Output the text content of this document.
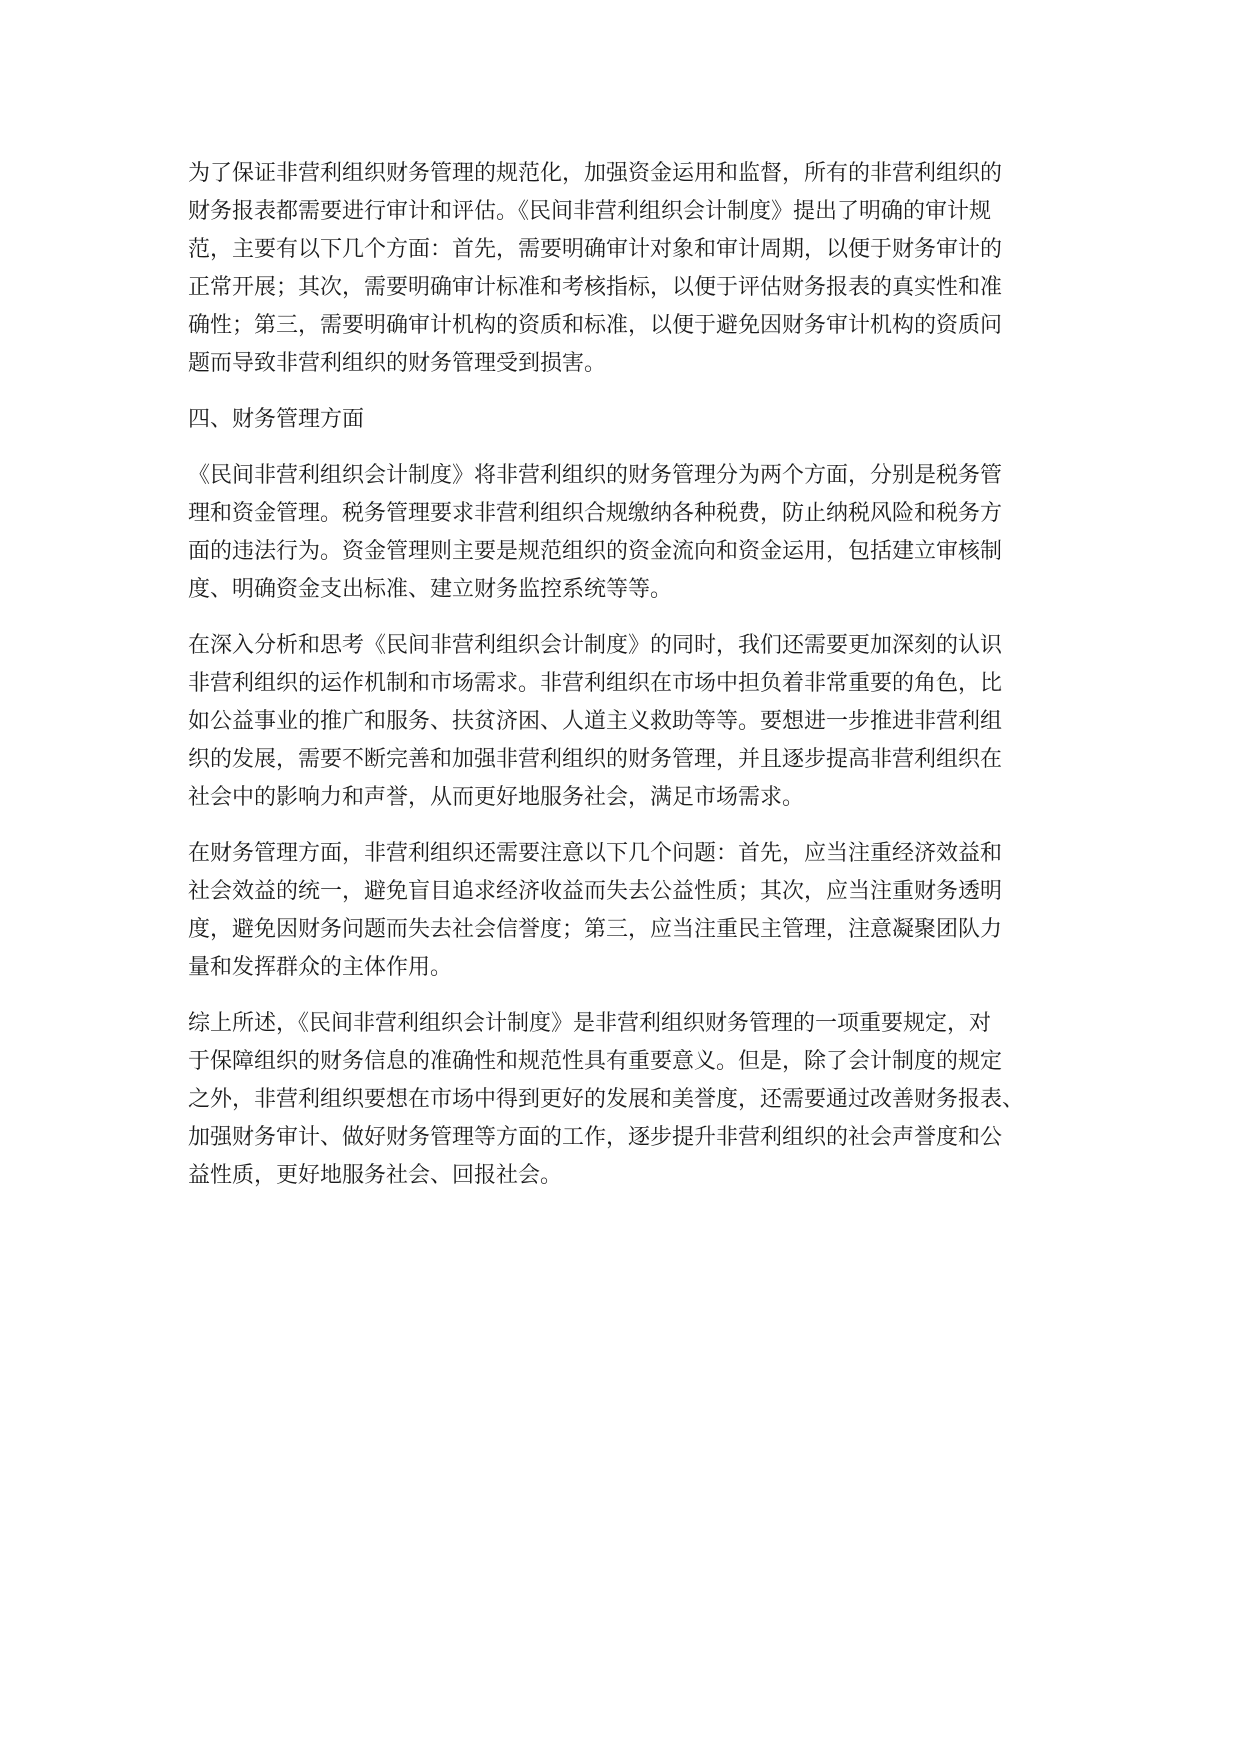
为了保证非营利组织财务管理的规范化，加强资金运用和监督，所有的非营利组织的
财务报表都需要进行审计和评估。《民间非营利组织会计制度》提出了明确的审计规
范，主要有以下几个方面：首先，需要明确审计对象和审计周期，以便于财务审计的
正常开展；其次，需要明确审计标准和考核指标，以便于评估财务报表的真实性和准
确性；第三，需要明确审计机构的资质和标准，以便于避免因财务审计机构的资质问
题而导致非营利组织的财务管理受到损害。

四、财务管理方面

《民间非营利组织会计制度》将非营利组织的财务管理分为两个方面，分别是税务管
理和资金管理。税务管理要求非营利组织合规缴纳各种税费，防止纳税风险和税务方
面的违法行为。资金管理则主要是规范组织的资金流向和资金运用，包括建立审核制
度、明确资金支出标准、建立财务监控系统等等。

在深入分析和思考《民间非营利组织会计制度》的同时，我们还需要更加深刻的认识
非营利组织的运作机制和市场需求。非营利组织在市场中担负着非常重要的角色，比
如公益事业的推广和服务、扶贫济困、人道主义救助等等。要想进一步推进非营利组
织的发展，需要不断完善和加强非营利组织的财务管理，并且逐步提高非营利组织在
社会中的影响力和声誉，从而更好地服务社会，满足市场需求。

在财务管理方面，非营利组织还需要注意以下几个问题：首先，应当注重经济效益和
社会效益的统一，避免盲目追求经济收益而失去公益性质；其次，应当注重财务透明
度，避免因财务问题而失去社会信誉度；第三，应当注重民主管理，注意凝聚团队力
量和发挥群众的主体作用。

综上所述，《民间非营利组织会计制度》是非营利组织财务管理的一项重要规定，对
于保障组织的财务信息的准确性和规范性具有重要意义。但是，除了会计制度的规定
之外，非营利组织要想在市场中得到更好的发展和美誉度，还需要通过改善财务报表、
加强财务审计、做好财务管理等方面的工作，逐步提升非营利组织的社会声誉度和公
益性质，更好地服务社会、回报社会。
